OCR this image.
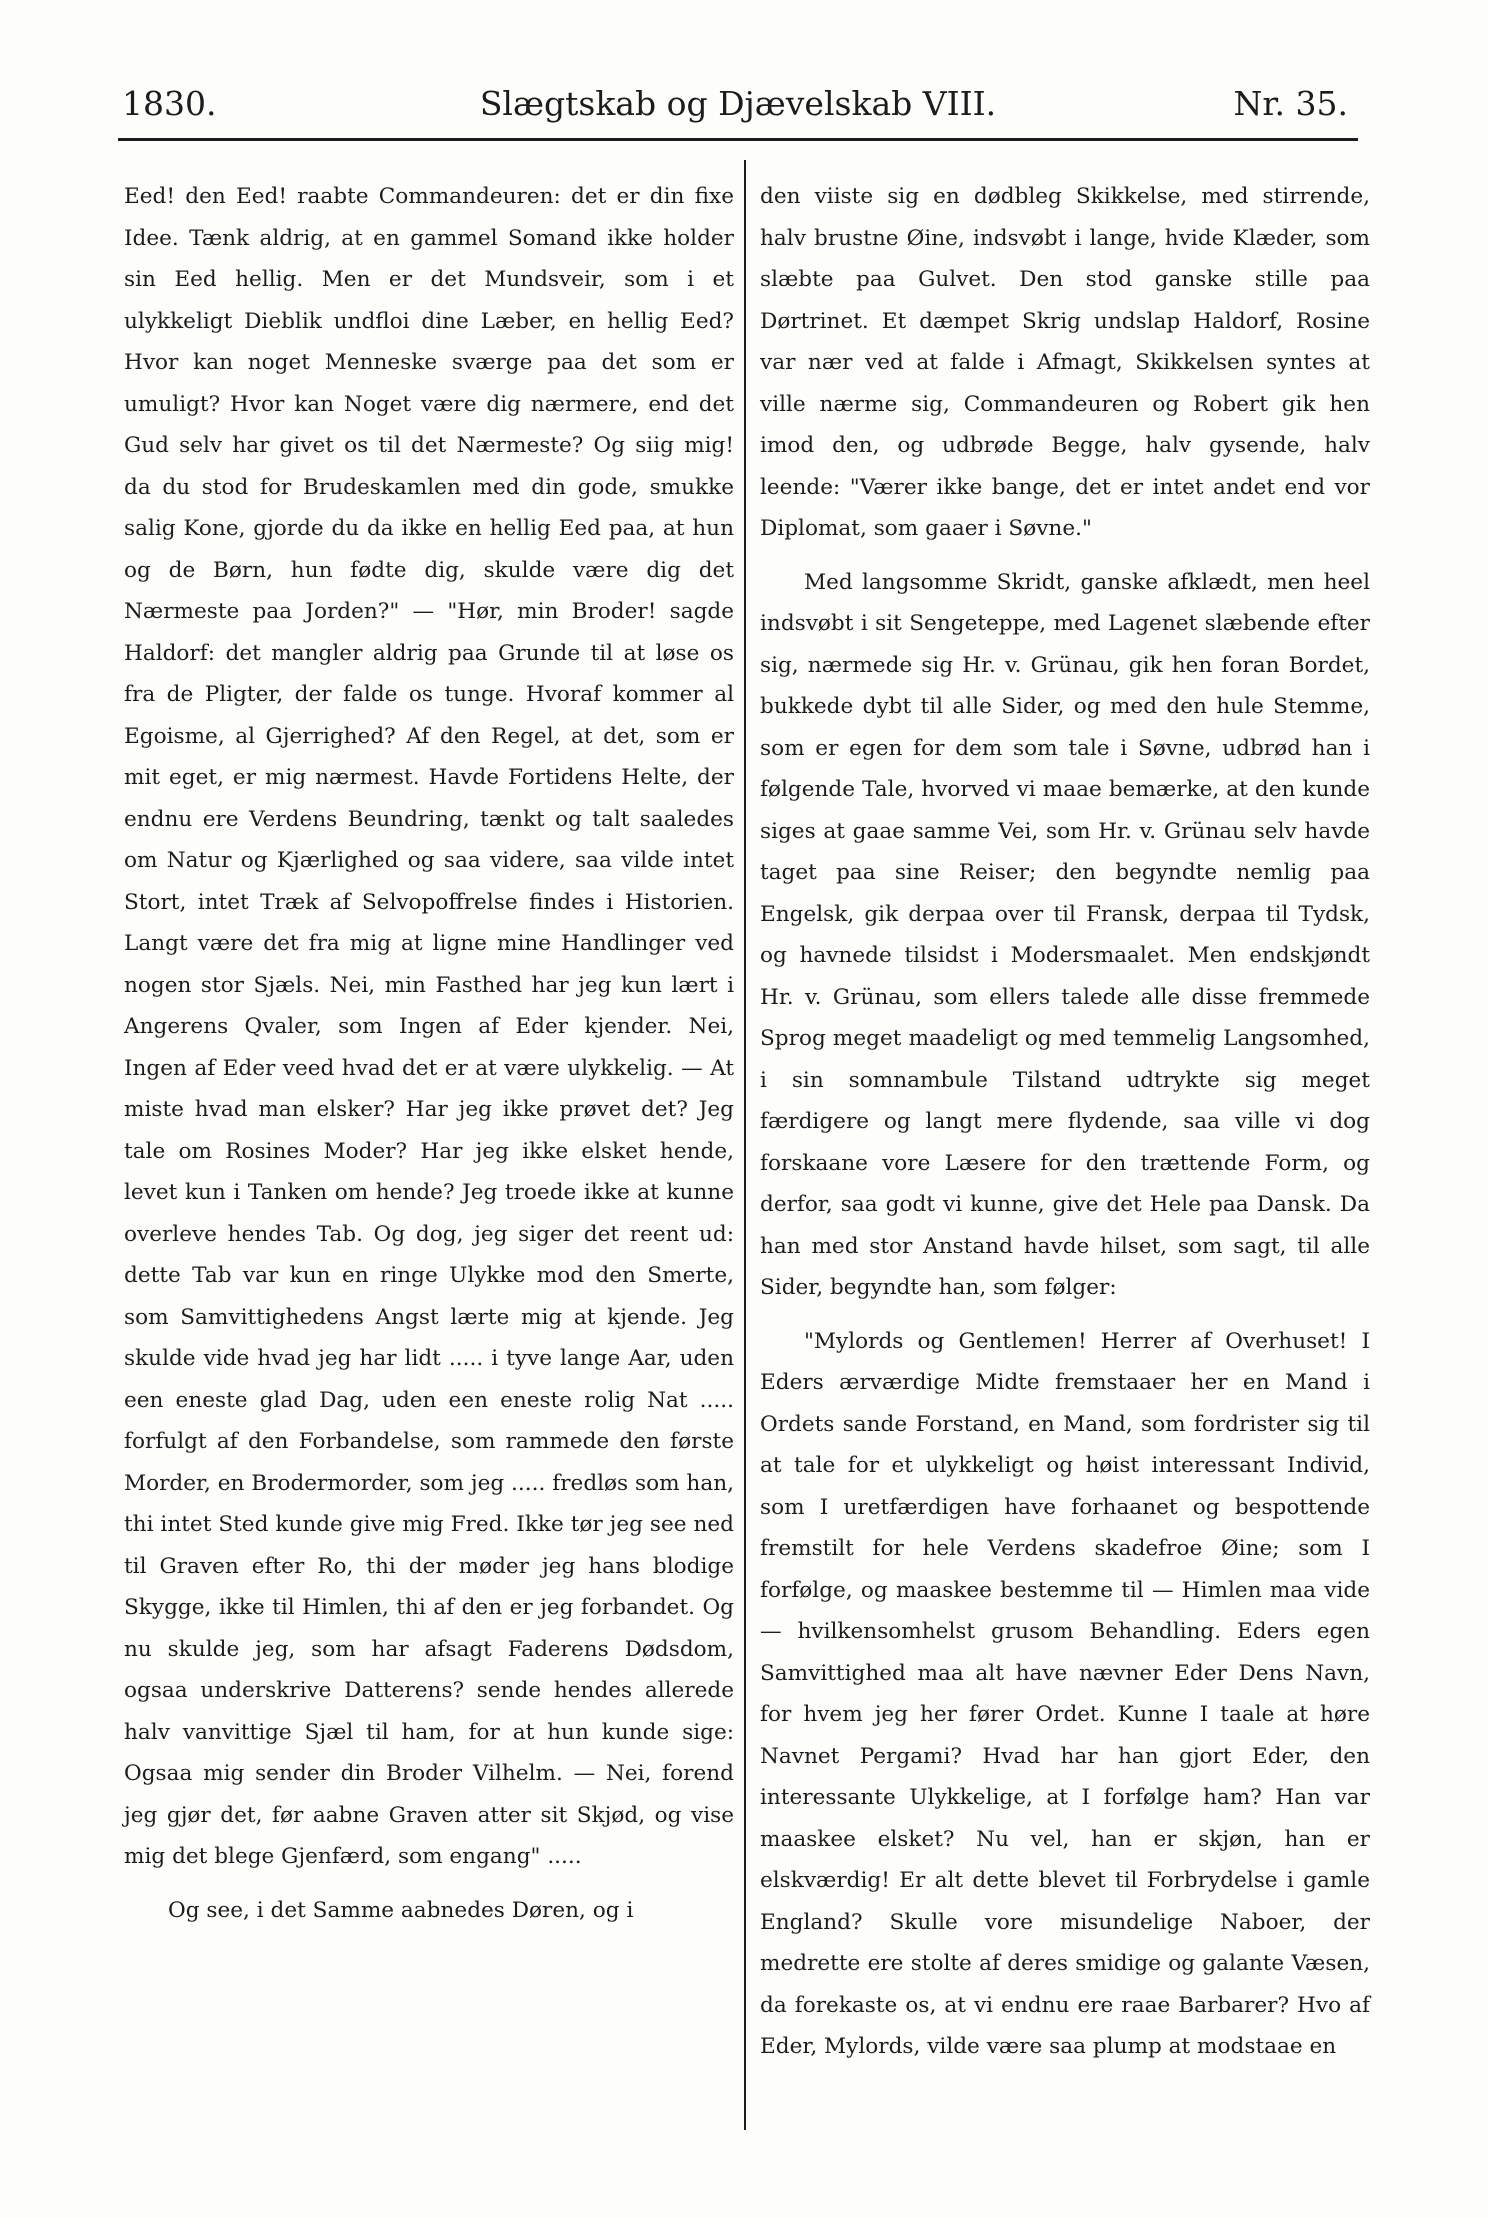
1830.	Slægtskab og Djævelskab VIII.	Nr. 35.

Eed! den Eed! raabte Commandeuren: det er din fixe Idee. Tænk aldrig, at en gammel Somand ikke holder sin Eed hellig. Men er det Mundsveir, som i et ulykkeligt Dieblik undfloi dine Læber, en hellig Eed? Hvor kan noget Menneske sværge paa det som er umuligt? Hvor kan Noget være dig nærmere, end det Gud selv har givet os til det Nærmeste? Og siig mig! da du stod for Brudeskamlen med din gode, smukke salig Kone, gjorde du da ikke en hellig Eed paa, at hun og de Børn, hun fødte dig, skulde være dig det Nærmeste paa Jorden?" — "Hør, min Broder! sagde Haldorf: det mangler aldrig paa Grunde til at løse os fra de Pligter, der falde os tunge. Hvoraf kommer al Egoisme, al Gjerrighed? Af den Regel, at det, som er mit eget, er mig nærmest. Havde Fortidens Helte, der endnu ere Verdens Beundring, tænkt og talt saaledes om Natur og Kjærlighed og saa videre, saa vilde intet Stort, intet Træk af Selvopoffrelse findes i Historien. Langt være det fra mig at ligne mine Handlinger ved nogen stor Sjæls. Nei, min Fasthed har jeg kun lært i Angerens Qvaler, som Ingen af Eder kjender. Nei, Ingen af Eder veed hvad det er at være ulykkelig. — At miste hvad man elsker? Har jeg ikke prøvet det? Jeg tale om Rosines Moder? Har jeg ikke elsket hende, levet kun i Tanken om hende? Jeg troede ikke at kunne overleve hendes Tab. Og dog, jeg siger det reent ud: dette Tab var kun en ringe Ulykke mod den Smerte, som Samvittighedens Angst lærte mig at kjende. Jeg skulde vide hvad jeg har lidt ..... i tyve lange Aar, uden een eneste glad Dag, uden een eneste rolig Nat ..... forfulgt af den Forbandelse, som rammede den første Morder, en Brodermorder, som jeg ..... fredløs som han, thi intet Sted kunde give mig Fred. Ikke tør jeg see ned til Graven efter Ro, thi der møder jeg hans blodige Skygge, ikke til Himlen, thi af den er jeg forbandet. Og nu skulde jeg, som har afsagt Faderens Dødsdom, ogsaa underskrive Datterens? sende hendes allerede halv vanvittige Sjæl til ham, for at hun kunde sige: Ogsaa mig sender din Broder Vilhelm. — Nei, forend jeg gjør det, før aabne Graven atter sit Skjød, og vise mig det blege Gjenfærd, som engang" .....

Og see, i det Samme aabnedes Døren, og i

den viiste sig en dødbleg Skikkelse, med stirrende, halv brustne Øine, indsvøbt i lange, hvide Klæder, som slæbte paa Gulvet. Den stod ganske stille paa Dørtrinet. Et dæmpet Skrig undslap Haldorf, Rosine var nær ved at falde i Afmagt, Skikkelsen syntes at ville nærme sig, Commandeuren og Robert gik hen imod den, og udbrøde Begge, halv gysende, halv leende: "Værer ikke bange, det er intet andet end vor Diplomat, som gaaer i Søvne."

Med langsomme Skridt, ganske afklædt, men heel indsvøbt i sit Sengeteppe, med Lagenet slæbende efter sig, nærmede sig Hr. v. Grünau, gik hen foran Bordet, bukkede dybt til alle Sider, og med den hule Stemme, som er egen for dem som tale i Søvne, udbrød han i følgende Tale, hvorved vi maae bemærke, at den kunde siges at gaae samme Vei, som Hr. v. Grünau selv havde taget paa sine Reiser; den begyndte nemlig paa Engelsk, gik derpaa over til Fransk, derpaa til Tydsk, og havnede tilsidst i Modersmaalet. Men endskjøndt Hr. v. Grünau, som ellers talede alle disse fremmede Sprog meget maadeligt og med temmelig Langsomhed, i sin somnambule Tilstand udtrykte sig meget færdigere og langt mere flydende, saa ville vi dog forskaane vore Læsere for den trættende Form, og derfor, saa godt vi kunne, give det Hele paa Dansk. Da han med stor Anstand havde hilset, som sagt, til alle Sider, begyndte han, som følger:

"Mylords og Gentlemen! Herrer af Overhuset! I Eders ærværdige Midte fremstaaer her en Mand i Ordets sande Forstand, en Mand, som fordrister sig til at tale for et ulykkeligt og høist interessant Individ, som I uretfærdigen have forhaanet og bespottende fremstilt for hele Verdens skadefroe Øine; som I forfølge, og maaskee bestemme til — Himlen maa vide — hvilkensomhelst grusom Behandling. Eders egen Samvittighed maa alt have nævner Eder Dens Navn, for hvem jeg her fører Ordet. Kunne I taale at høre Navnet Pergami? Hvad har han gjort Eder, den interessante Ulykkelige, at I forfølge ham? Han var maaskee elsket? Nu vel, han er skjøn, han er elskværdig! Er alt dette blevet til Forbrydelse i gamle England? Skulle vore misundelige Naboer, der medrette ere stolte af deres smidige og galante Væsen, da forekaste os, at vi endnu ere raae Barbarer? Hvo af Eder, Mylords, vilde være saa plump at modstaae en
